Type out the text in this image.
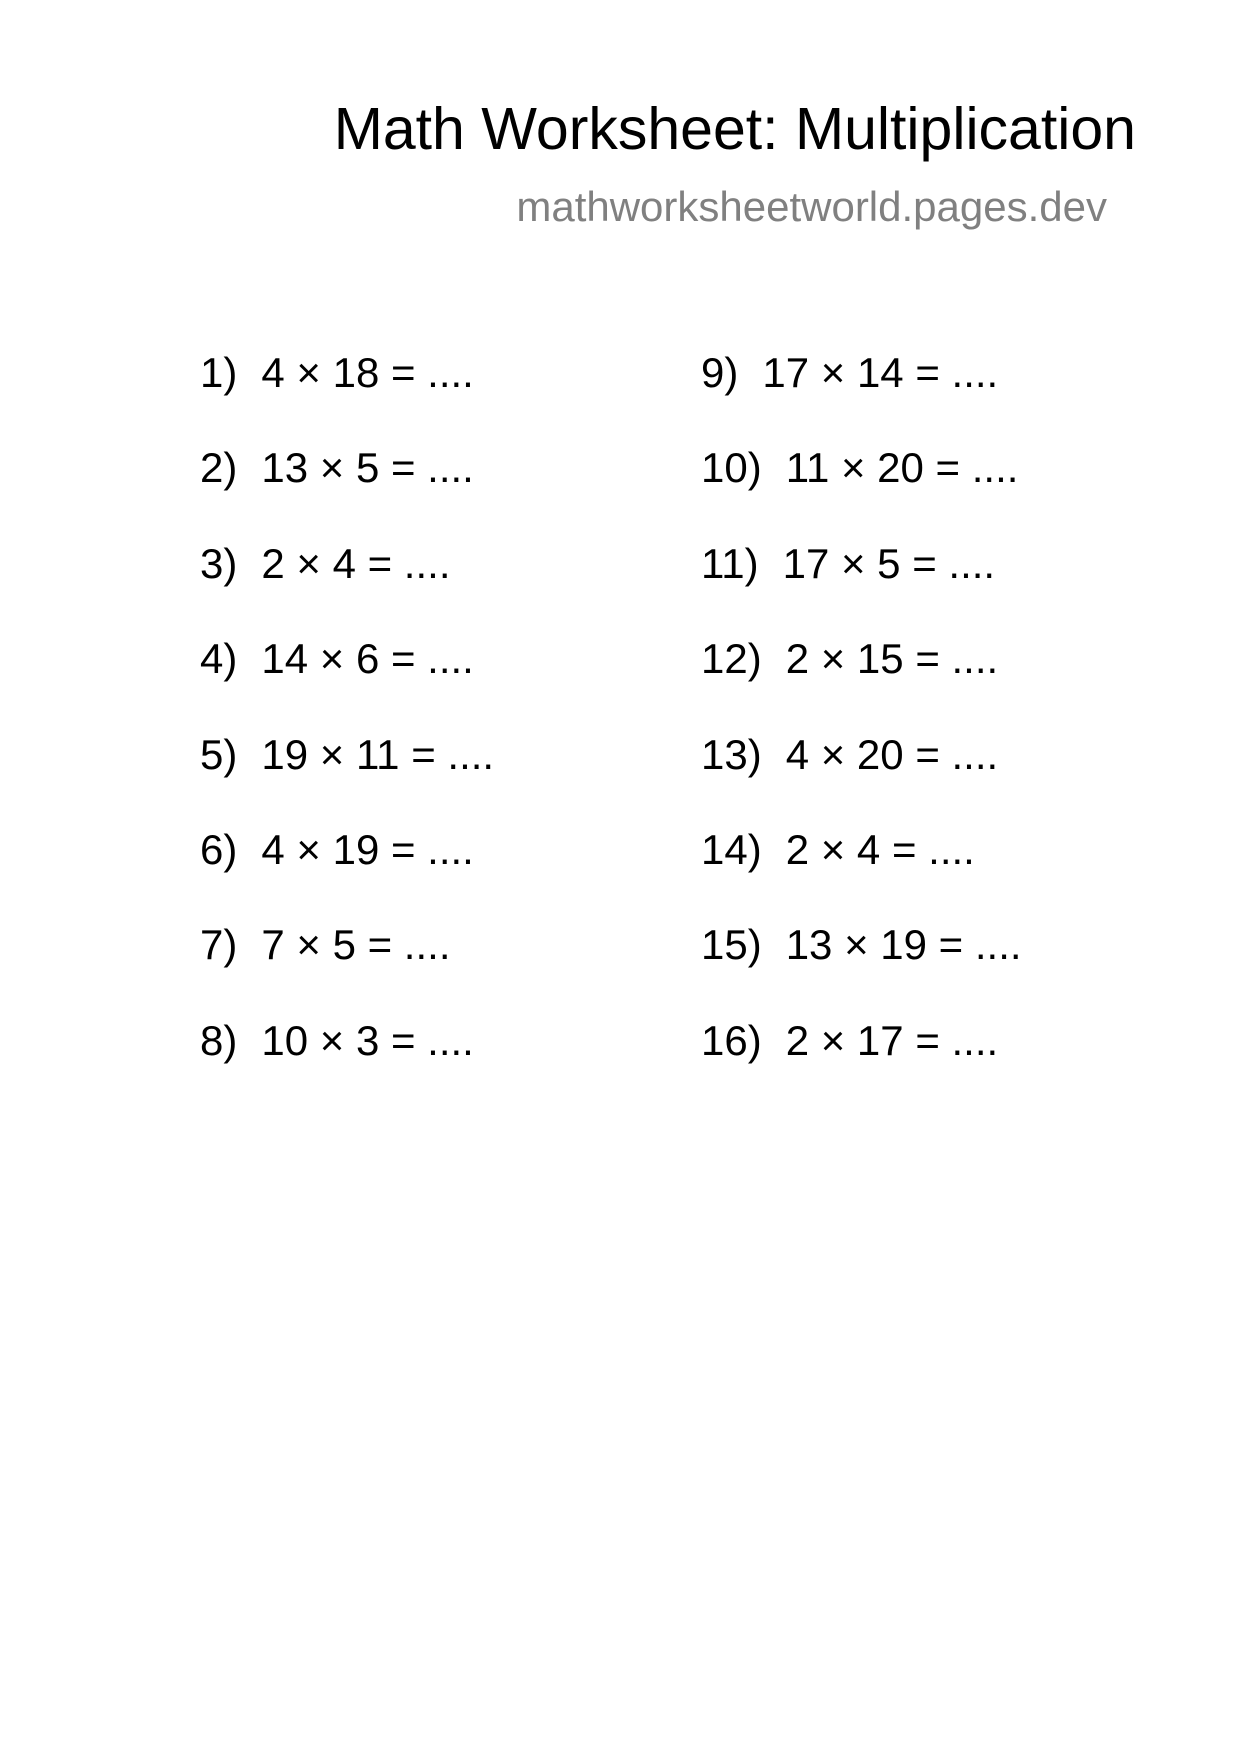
Math Worksheet: Multiplication
mathworksheetworld.pages.dev
1) 4 × 18 = ....
2) 13 × 5 = ....
3) 2 × 4 = ....
4) 14 × 6 = ....
5) 19 × 11 = ....
6) 4 × 19 = ....
7) 7 × 5 = ....
8) 10 × 3 = ....
9) 17 × 14 = ....
10) 11 × 20 = ....
11) 17 × 5 = ....
12) 2 × 15 = ....
13) 4 × 20 = ....
14) 2 × 4 = ....
15) 13 × 19 = ....
16) 2 × 17 = ....
